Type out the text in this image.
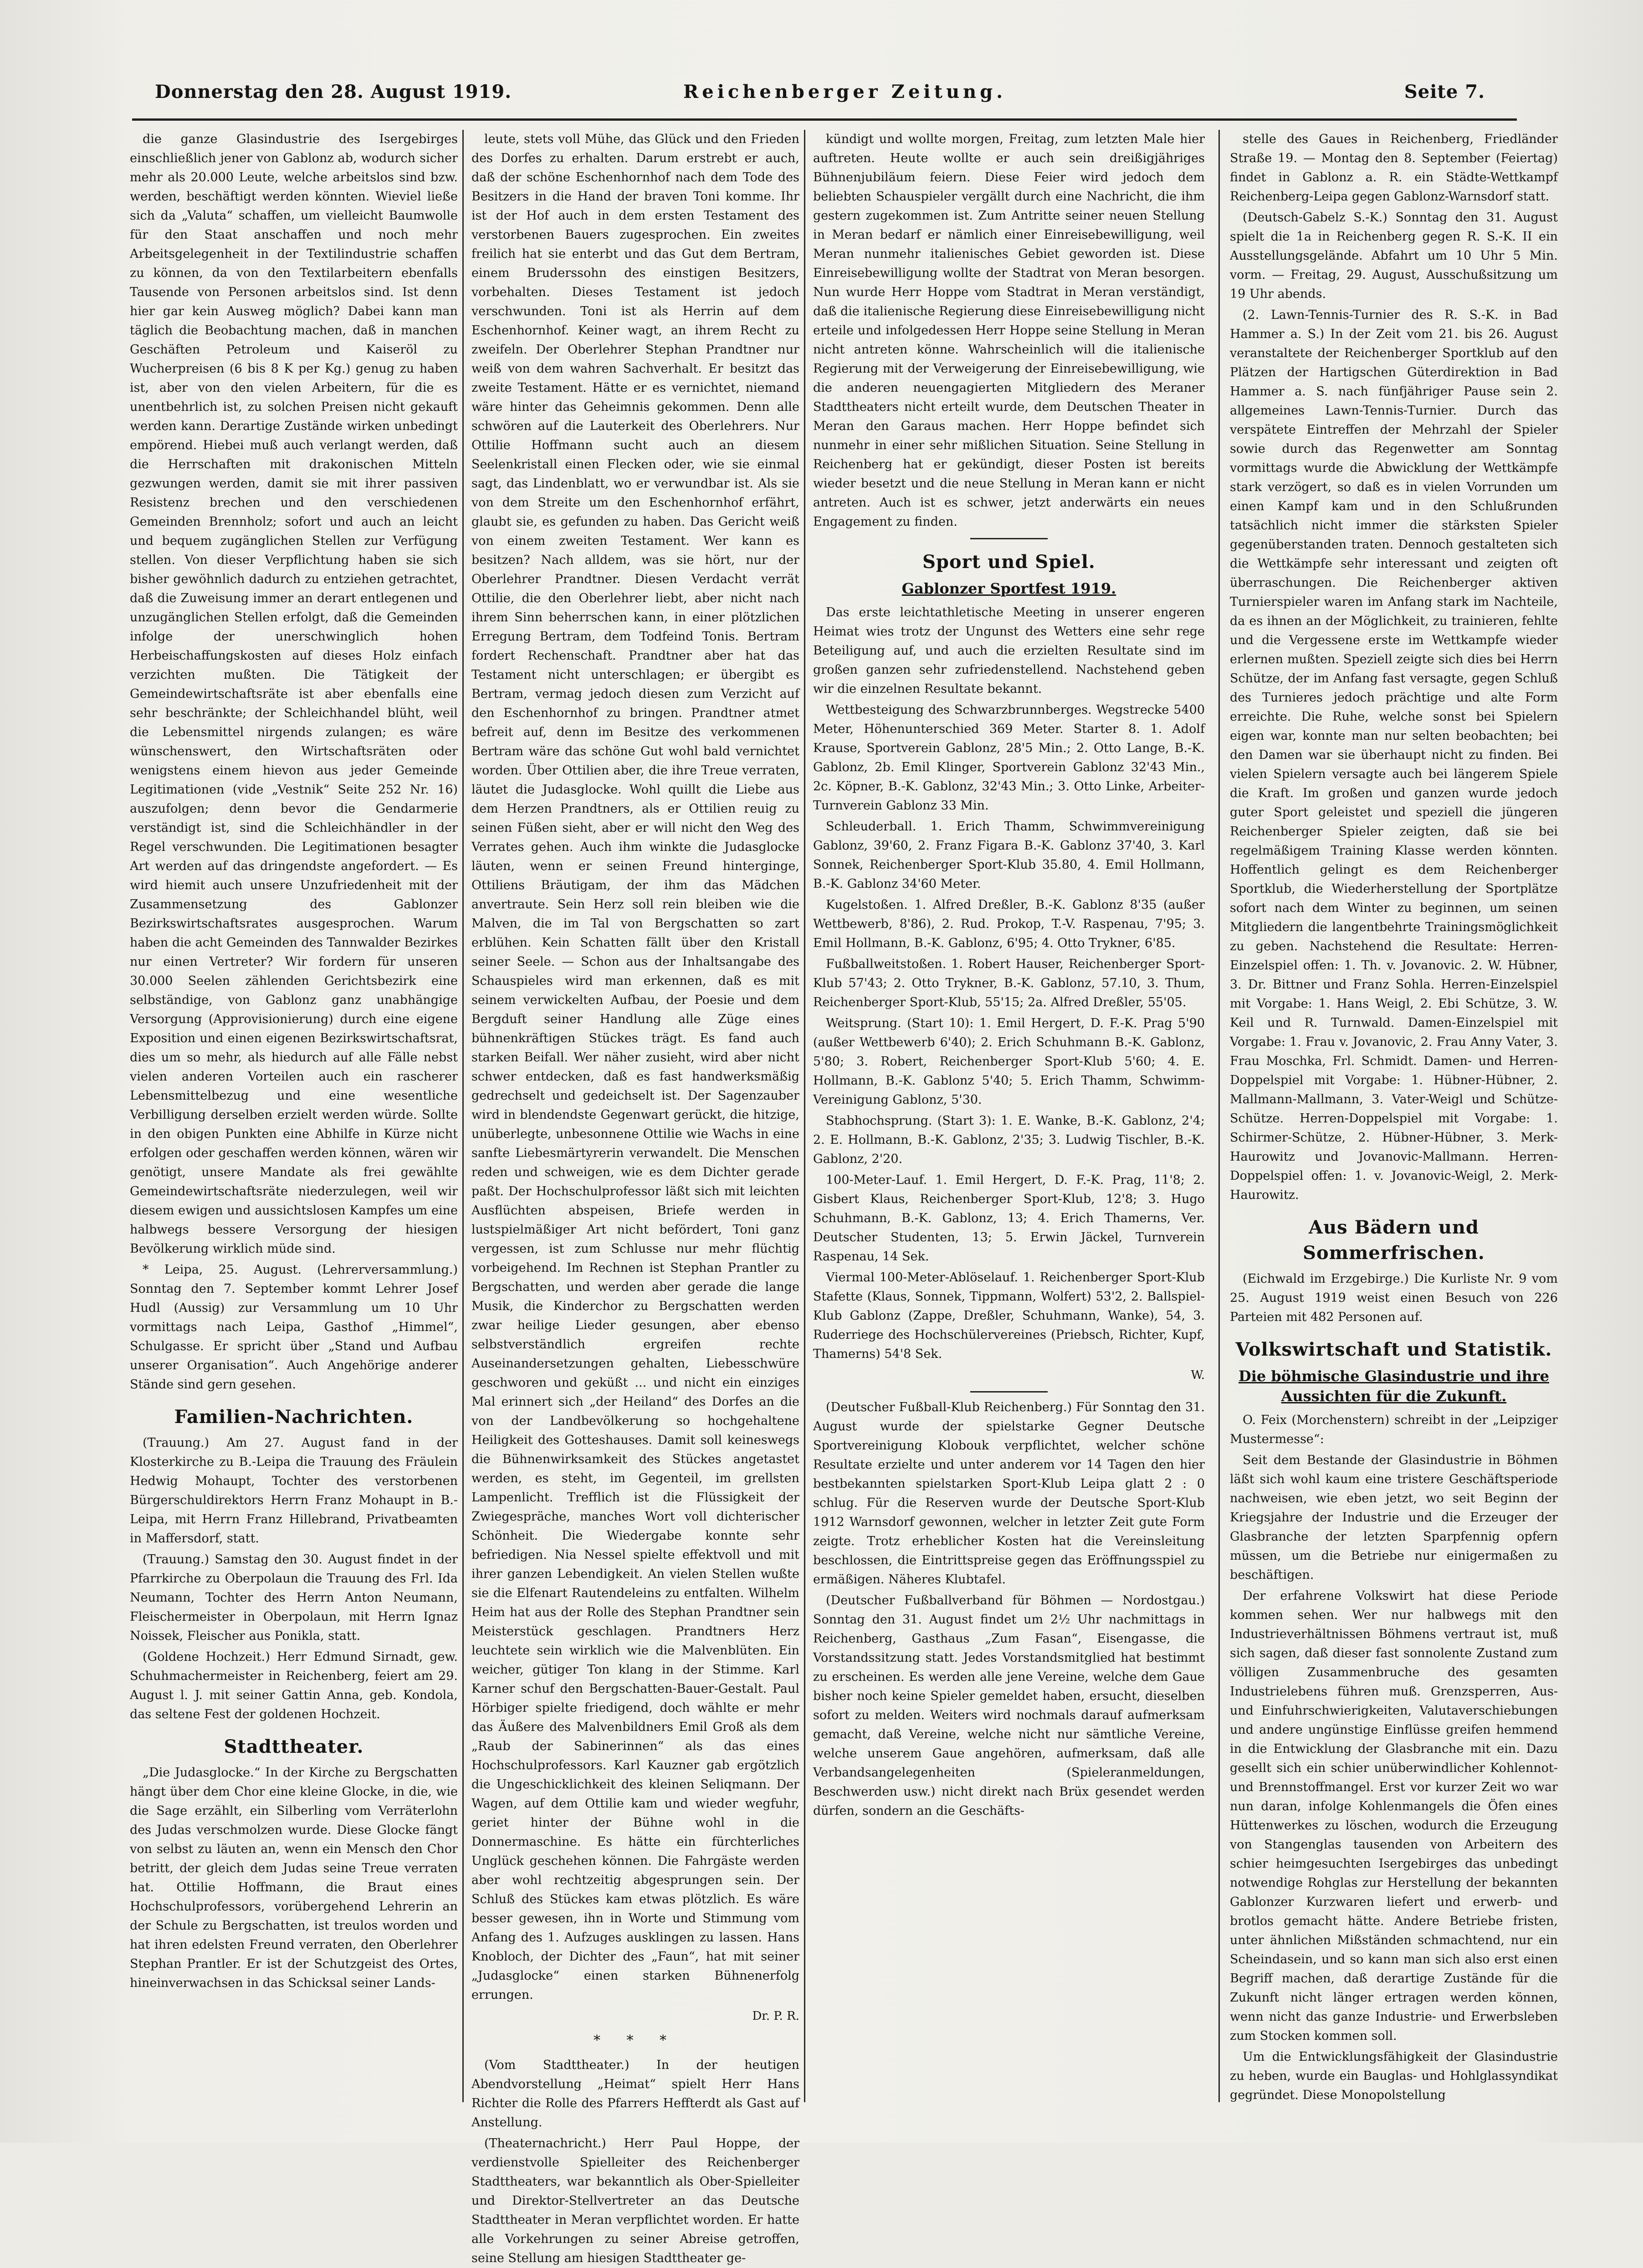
Donnerstag den 28. August 1919.	Reichenberger Zeitung.	Seite 7.

die ganze Glasindustrie des Isergebirges einschließlich jener von Gablonz ab, wodurch sicher mehr als 20.000 Leute, welche arbeitslos sind bzw. werden, beschäftigt werden könnten. Wieviel ließe sich da „Valuta“ schaffen, um vielleicht Baumwolle für den Staat anschaffen und noch mehr Arbeitsgelegenheit in der Textilindustrie schaffen zu können, da von den Textilarbeitern ebenfalls Tausende von Personen arbeitslos sind. Ist denn hier gar kein Ausweg möglich? Dabei kann man täglich die Beobachtung machen, daß in manchen Geschäften Petroleum und Kaiseröl zu Wucherpreisen (6 bis 8 K per Kg.) genug zu haben ist, aber von den vielen Arbeitern, für die es unentbehrlich ist, zu solchen Preisen nicht gekauft werden kann. Derartige Zustände wirken unbedingt empörend. Hiebei muß auch verlangt werden, daß die Herrschaften mit drakonischen Mitteln gezwungen werden, damit sie mit ihrer passiven Resistenz brechen und den verschiedenen Gemeinden Brennholz; sofort und auch an leicht und bequem zugänglichen Stellen zur Verfügung stellen. Von dieser Verpflichtung haben sie sich bisher gewöhnlich dadurch zu entziehen getrachtet, daß die Zuweisung immer an derart entlegenen und unzugänglichen Stellen erfolgt, daß die Gemeinden infolge der unerschwinglich hohen Herbeischaffungskosten auf dieses Holz einfach verzichten mußten. Die Tätigkeit der Gemeindewirtschaftsräte ist aber ebenfalls eine sehr beschränkte; der Schleichhandel blüht, weil die Lebensmittel nirgends zulangen; es wäre wünschenswert, den Wirtschaftsräten oder wenigstens einem hievon aus jeder Gemeinde Legitimationen (vide „Vestnik“ Seite 252 Nr. 16) auszufolgen; denn bevor die Gendarmerie verständigt ist, sind die Schleichhändler in der Regel verschwunden. Die Legitimationen besagter Art werden auf das dringendste angefordert. — Es wird hiemit auch unsere Unzufriedenheit mit der Zusammensetzung des Gablonzer Bezirkswirtschaftsrates ausgesprochen. Warum haben die acht Gemeinden des Tannwalder Bezirkes nur einen Vertreter? Wir fordern für unseren 30.000 Seelen zählenden Gerichtsbezirk eine selbständige, von Gablonz ganz unabhängige Versorgung (Approvisionierung) durch eine eigene Exposition und einen eigenen Bezirkswirtschaftsrat, dies um so mehr, als hiedurch auf alle Fälle nebst vielen anderen Vorteilen auch ein rascherer Lebensmittelbezug und eine wesentliche Verbilligung derselben erzielt werden würde. Sollte in den obigen Punkten eine Abhilfe in Kürze nicht erfolgen oder geschaffen werden können, wären wir genötigt, unsere Mandate als frei gewählte Gemeindewirtschaftsräte niederzulegen, weil wir diesem ewigen und aussichtslosen Kampfes um eine halbwegs bessere Versorgung der hiesigen Bevölkerung wirklich müde sind.

* Leipa, 25. August. (Lehrerversammlung.) Sonntag den 7. September kommt Lehrer Josef Hudl (Aussig) zur Versammlung um 10 Uhr vormittags nach Leipa, Gasthof „Himmel“, Schulgasse. Er spricht über „Stand und Aufbau unserer Organisation“. Auch Angehörige anderer Stände sind gern gesehen.

Familien-Nachrichten.

(Trauung.) Am 27. August fand in der Klosterkirche zu B.-Leipa die Trauung des Fräulein Hedwig Mohaupt, Tochter des verstorbenen Bürgerschuldirektors Herrn Franz Mohaupt in B.-Leipa, mit Herrn Franz Hillebrand, Privatbeamten in Maffersdorf, statt.

(Trauung.) Samstag den 30. August findet in der Pfarrkirche zu Oberpolaun die Trauung des Frl. Ida Neumann, Tochter des Herrn Anton Neumann, Fleischermeister in Oberpolaun, mit Herrn Ignaz Noissek, Fleischer aus Ponikla, statt.

(Goldene Hochzeit.) Herr Edmund Sirnadt, gew. Schuhmachermeister in Reichenberg, feiert am 29. August l. J. mit seiner Gattin Anna, geb. Kondola, das seltene Fest der goldenen Hochzeit.

Stadttheater.

„Die Judasglocke.“ In der Kirche zu Bergschatten hängt über dem Chor eine kleine Glocke, in die, wie die Sage erzählt, ein Silberling vom Verräterlohn des Judas verschmolzen wurde. Diese Glocke fängt von selbst zu läuten an, wenn ein Mensch den Chor betritt, der gleich dem Judas seine Treue verraten hat. Ottilie Hoffmann, die Braut eines Hochschulprofessors, vorübergehend Lehrerin an der Schule zu Bergschatten, ist treulos worden und hat ihren edelsten Freund verraten, den Oberlehrer Stephan Prantler. Er ist der Schutzgeist des Ortes, hineinverwachsen in das Schicksal seiner Lands-

leute, stets voll Mühe, das Glück und den Frieden des Dorfes zu erhalten. Darum erstrebt er auch, daß der schöne Eschenhornhof nach dem Tode des Besitzers in die Hand der braven Toni komme. Ihr ist der Hof auch in dem ersten Testament des verstorbenen Bauers zugesprochen. Ein zweites freilich hat sie enterbt und das Gut dem Bertram, einem Bruderssohn des einstigen Besitzers, vorbehalten. Dieses Testament ist jedoch verschwunden. Toni ist als Herrin auf dem Eschenhornhof. Keiner wagt, an ihrem Recht zu zweifeln. Der Oberlehrer Stephan Prandtner nur weiß von dem wahren Sachverhalt. Er besitzt das zweite Testament. Hätte er es vernichtet, niemand wäre hinter das Geheimnis gekommen. Denn alle schwören auf die Lauterkeit des Oberlehrers. Nur Ottilie Hoffmann sucht auch an diesem Seelenkristall einen Flecken oder, wie sie einmal sagt, das Lindenblatt, wo er verwundbar ist. Als sie von dem Streite um den Eschenhornhof erfährt, glaubt sie, es gefunden zu haben. Das Gericht weiß von einem zweiten Testament. Wer kann es besitzen? Nach alldem, was sie hört, nur der Oberlehrer Prandtner. Diesen Verdacht verrät Ottilie, die den Oberlehrer liebt, aber nicht nach ihrem Sinn beherrschen kann, in einer plötzlichen Erregung Bertram, dem Todfeind Tonis. Bertram fordert Rechenschaft. Prandtner aber hat das Testament nicht unterschlagen; er übergibt es Bertram, vermag jedoch diesen zum Verzicht auf den Eschenhornhof zu bringen. Prandtner atmet befreit auf, denn im Besitze des verkommenen Bertram wäre das schöne Gut wohl bald vernichtet worden. Über Ottilien aber, die ihre Treue verraten, läutet die Judasglocke. Wohl quillt die Liebe aus dem Herzen Prandtners, als er Ottilien reuig zu seinen Füßen sieht, aber er will nicht den Weg des Verrates gehen. Auch ihm winkte die Judasglocke läuten, wenn er seinen Freund hinterginge, Ottiliens Bräutigam, der ihm das Mädchen anvertraute. Sein Herz soll rein bleiben wie die Malven, die im Tal von Bergschatten so zart erblühen. Kein Schatten fällt über den Kristall seiner Seele. — Schon aus der Inhaltsangabe des Schauspieles wird man erkennen, daß es mit seinem verwickelten Aufbau, der Poesie und dem Bergduft seiner Handlung alle Züge eines bühnenkräftigen Stückes trägt. Es fand auch starken Beifall. Wer näher zusieht, wird aber nicht schwer entdecken, daß es fast handwerksmäßig gedrechselt und gedeichselt ist. Der Sagenzauber wird in blendendste Gegenwart gerückt, die hitzige, unüberlegte, unbesonnene Ottilie wie Wachs in eine sanfte Liebesmärtyrerin verwandelt. Die Menschen reden und schweigen, wie es dem Dichter gerade paßt. Der Hochschulprofessor läßt sich mit leichten Ausflüchten abspeisen, Briefe werden in lustspielmäßiger Art nicht befördert, Toni ganz vergessen, ist zum Schlusse nur mehr flüchtig vorbeigehend. Im Rechnen ist Stephan Prantler zu Bergschatten, und werden aber gerade die lange Musik, die Kinderchor zu Bergschatten werden zwar heilige Lieder gesungen, aber ebenso selbstverständlich ergreifen rechte Auseinandersetzungen gehalten, Liebesschwüre geschworen und geküßt ... und nicht ein einziges Mal erinnert sich „der Heiland“ des Dorfes an die von der Landbevölkerung so hochgehaltene Heiligkeit des Gotteshauses. Damit soll keineswegs die Bühnenwirksamkeit des Stückes angetastet werden, es steht, im Gegenteil, im grellsten Lampenlicht. Trefflich ist die Flüssigkeit der Zwiegespräche, manches Wort voll dichterischer Schönheit. Die Wiedergabe konnte sehr befriedigen. Nia Nessel spielte effektvoll und mit ihrer ganzen Lebendigkeit. An vielen Stellen wußte sie die Elfenart Rautendeleins zu entfalten. Wilhelm Heim hat aus der Rolle des Stephan Prandtner sein Meisterstück geschlagen. Prandtners Herz leuchtete sein wirklich wie die Malvenblüten. Ein weicher, gütiger Ton klang in der Stimme. Karl Karner schuf den Bergschatten-Bauer-Gestalt. Paul Hörbiger spielte friedigend, doch wählte er mehr das Äußere des Malvenbildners Emil Groß als dem „Raub der Sabinerinnen“ als das eines Hochschulprofessors. Karl Kauzner gab ergötzlich die Ungeschicklichkeit des kleinen Seliqmann. Der Wagen, auf dem Ottilie kam und wieder wegfuhr, geriet hinter der Bühne wohl in die Donnermaschine. Es hätte ein fürchterliches Unglück geschehen können. Die Fahrgäste werden aber wohl rechtzeitig abgesprungen sein. Der Schluß des Stückes kam etwas plötzlich. Es wäre besser gewesen, ihn in Worte und Stimmung vom Anfang des 1. Aufzuges ausklingen zu lassen. Hans Knobloch, der Dichter des „Faun“, hat mit seiner „Judasglocke“ einen starken Bühnenerfolg errungen.

Dr. P. R.
* * *

(Vom Stadttheater.) In der heutigen Abendvorstellung „Heimat“ spielt Herr Hans Richter die Rolle des Pfarrers Heffterdt als Gast auf Anstellung.

(Theaternachricht.) Herr Paul Hoppe, der verdienstvolle Spielleiter des Reichenberger Stadttheaters, war bekanntlich als Ober-Spielleiter und Direktor-Stellvertreter an das Deutsche Stadttheater in Meran verpflichtet worden. Er hatte alle Vorkehrungen zu seiner Abreise getroffen, seine Stellung am hiesigen Stadttheater ge-

kündigt und wollte morgen, Freitag, zum letzten Male hier auftreten. Heute wollte er auch sein dreißigjähriges Bühnenjubiläum feiern. Diese Feier wird jedoch dem beliebten Schauspieler vergällt durch eine Nachricht, die ihm gestern zugekommen ist. Zum Antritte seiner neuen Stellung in Meran bedarf er nämlich einer Einreisebewilligung, weil Meran nunmehr italienisches Gebiet geworden ist. Diese Einreisebewilligung wollte der Stadtrat von Meran besorgen. Nun wurde Herr Hoppe vom Stadtrat in Meran verständigt, daß die italienische Regierung diese Einreisebewilligung nicht erteile und infolgedessen Herr Hoppe seine Stellung in Meran nicht antreten könne. Wahrscheinlich will die italienische Regierung mit der Verweigerung der Einreisebewilligung, wie die anderen neuengagierten Mitgliedern des Meraner Stadttheaters nicht erteilt wurde, dem Deutschen Theater in Meran den Garaus machen. Herr Hoppe befindet sich nunmehr in einer sehr mißlichen Situation. Seine Stellung in Reichenberg hat er gekündigt, dieser Posten ist bereits wieder besetzt und die neue Stellung in Meran kann er nicht antreten. Auch ist es schwer, jetzt anderwärts ein neues Engagement zu finden.

Sport und Spiel.
Gablonzer Sportfest 1919.

Das erste leichtathletische Meeting in unserer engeren Heimat wies trotz der Ungunst des Wetters eine sehr rege Beteiligung auf, und auch die erzielten Resultate sind im großen ganzen sehr zufriedenstellend. Nachstehend geben wir die einzelnen Resultate bekannt.

Wettbesteigung des Schwarzbrunnberges. Wegstrecke 5400 Meter, Höhenunterschied 369 Meter. Starter 8. 1. Adolf Krause, Sportverein Gablonz, 28'5 Min.; 2. Otto Lange, B.-K. Gablonz, 2b. Emil Klinger, Sportverein Gablonz 32'43 Min., 2c. Köpner, B.-K. Gablonz, 32'43 Min.; 3. Otto Linke, Arbeiter-Turnverein Gablonz 33 Min.

Schleuderball. 1. Erich Thamm, Schwimmvereinigung Gablonz, 39'60, 2. Franz Figara B.-K. Gablonz 37'40, 3. Karl Sonnek, Reichenberger Sport-Klub 35.80, 4. Emil Hollmann, B.-K. Gablonz 34'60 Meter.

Kugelstoßen. 1. Alfred Dreßler, B.-K. Gablonz 8'35 (außer Wettbewerb, 8'86), 2. Rud. Prokop, T.-V. Raspenau, 7'95; 3. Emil Hollmann, B.-K. Gablonz, 6'95; 4. Otto Trykner, 6'85.

Fußballweitstoßen. 1. Robert Hauser, Reichenberger Sport-Klub 57'43; 2. Otto Trykner, B.-K. Gablonz, 57.10, 3. Thum, Reichenberger Sport-Klub, 55'15; 2a. Alfred Dreßler, 55'05.

Weitsprung. (Start 10): 1. Emil Hergert, D. F.-K. Prag 5'90 (außer Wettbewerb 6'40); 2. Erich Schuhmann B.-K. Gablonz, 5'80; 3. Robert, Reichenberger Sport-Klub 5'60; 4. E. Hollmann, B.-K. Gablonz 5'40; 5. Erich Thamm, Schwimm-Vereinigung Gablonz, 5'30.

Stabhochsprung. (Start 3): 1. E. Wanke, B.-K. Gablonz, 2'4; 2. E. Hollmann, B.-K. Gablonz, 2'35; 3. Ludwig Tischler, B.-K. Gablonz, 2'20.

100-Meter-Lauf. 1. Emil Hergert, D. F.-K. Prag, 11'8; 2. Gisbert Klaus, Reichenberger Sport-Klub, 12'8; 3. Hugo Schuhmann, B.-K. Gablonz, 13; 4. Erich Thamerns, Ver. Deutscher Studenten, 13; 5. Erwin Jäckel, Turnverein Raspenau, 14 Sek.

Viermal 100-Meter-Ablöselauf. 1. Reichenberger Sport-Klub Stafette (Klaus, Sonnek, Tippmann, Wolfert) 53'2, 2. Ballspiel-Klub Gablonz (Zappe, Dreßler, Schuhmann, Wanke), 54, 3. Ruderriege des Hochschülervereines (Priebsch, Richter, Kupf, Thamerns) 54'8 Sek.

W.

(Deutscher Fußball-Klub Reichenberg.) Für Sonntag den 31. August wurde der spielstarke Gegner Deutsche Sportvereinigung Klobouk verpflichtet, welcher schöne Resultate erzielte und unter anderem vor 14 Tagen den hier bestbekannten spielstarken Sport-Klub Leipa glatt 2 : 0 schlug. Für die Reserven wurde der Deutsche Sport-Klub 1912 Warnsdorf gewonnen, welcher in letzter Zeit gute Form zeigte. Trotz erheblicher Kosten hat die Vereinsleitung beschlossen, die Eintrittspreise gegen das Eröffnungsspiel zu ermäßigen. Näheres Klubtafel.

(Deutscher Fußballverband für Böhmen — Nordostgau.) Sonntag den 31. August findet um 2½ Uhr nachmittags in Reichenberg, Gasthaus „Zum Fasan“, Eisengasse, die Vorstandssitzung statt. Jedes Vorstandsmitglied hat bestimmt zu erscheinen. Es werden alle jene Vereine, welche dem Gaue bisher noch keine Spieler gemeldet haben, ersucht, dieselben sofort zu melden. Weiters wird nochmals darauf aufmerksam gemacht, daß Vereine, welche nicht nur sämtliche Vereine, welche unserem Gaue angehören, aufmerksam, daß alle Verbandsangelegenheiten (Spieleranmeldungen, Beschwerden usw.) nicht direkt nach Brüx gesendet werden dürfen, sondern an die Geschäfts-

stelle des Gaues in Reichenberg, Friedländer Straße 19. — Montag den 8. September (Feiertag) findet in Gablonz a. R. ein Städte-Wettkampf Reichenberg-Leipa gegen Gablonz-Warnsdorf statt.

(Deutsch-Gabelz S.-K.) Sonntag den 31. August spielt die 1a in Reichenberg gegen R. S.-K. II ein Ausstellungsgelände. Abfahrt um 10 Uhr 5 Min. vorm. — Freitag, 29. August, Ausschußsitzung um 19 Uhr abends.

(2. Lawn-Tennis-Turnier des R. S.-K. in Bad Hammer a. S.) In der Zeit vom 21. bis 26. August veranstaltete der Reichenberger Sportklub auf den Plätzen der Hartigschen Güterdirektion in Bad Hammer a. S. nach fünfjähriger Pause sein 2. allgemeines Lawn-Tennis-Turnier. Durch das verspätete Eintreffen der Mehrzahl der Spieler sowie durch das Regenwetter am Sonntag vormittags wurde die Abwicklung der Wettkämpfe stark verzögert, so daß es in vielen Vorrunden um einen Kampf kam und in den Schlußrunden tatsächlich nicht immer die stärksten Spieler gegenüberstanden traten. Dennoch gestalteten sich die Wettkämpfe sehr interessant und zeigten oft überraschungen. Die Reichenberger aktiven Turnierspieler waren im Anfang stark im Nachteile, da es ihnen an der Möglichkeit, zu trainieren, fehlte und die Vergessene erste im Wettkampfe wieder erlernen mußten. Speziell zeigte sich dies bei Herrn Schütze, der im Anfang fast versagte, gegen Schluß des Turnieres jedoch prächtige und alte Form erreichte. Die Ruhe, welche sonst bei Spielern eigen war, konnte man nur selten beobachten; bei den Damen war sie überhaupt nicht zu finden. Bei vielen Spielern versagte auch bei längerem Spiele die Kraft. Im großen und ganzen wurde jedoch guter Sport geleistet und speziell die jüngeren Reichenberger Spieler zeigten, daß sie bei regelmäßigem Training Klasse werden könnten. Hoffentlich gelingt es dem Reichenberger Sportklub, die Wiederherstellung der Sportplätze sofort nach dem Winter zu beginnen, um seinen Mitgliedern die langentbehrte Trainingsmöglichkeit zu geben. Nachstehend die Resultate: Herren-Einzelspiel offen: 1. Th. v. Jovanovic. 2. W. Hübner, 3. Dr. Bittner und Franz Sohla. Herren-Einzelspiel mit Vorgabe: 1. Hans Weigl, 2. Ebi Schütze, 3. W. Keil und R. Turnwald. Damen-Einzelspiel mit Vorgabe: 1. Frau v. Jovanovic, 2. Frau Anny Vater, 3. Frau Moschka, Frl. Schmidt. Damen- und Herren-Doppelspiel mit Vorgabe: 1. Hübner-Hübner, 2. Mallmann-Mallmann, 3. Vater-Weigl und Schütze-Schütze. Herren-Doppelspiel mit Vorgabe: 1. Schirmer-Schütze, 2. Hübner-Hübner, 3. Merk-Haurowitz und Jovanovic-Mallmann. Herren-Doppelspiel offen: 1. v. Jovanovic-Weigl, 2. Merk-Haurowitz.

Aus Bädern und Sommerfrischen.

(Eichwald im Erzgebirge.) Die Kurliste Nr. 9 vom 25. August 1919 weist einen Besuch von 226 Parteien mit 482 Personen auf.

Volkswirtschaft und Statistik.
Die böhmische Glasindustrie und ihre Aussichten für die Zukunft.

O. Feix (Morchenstern) schreibt in der „Leipziger Mustermesse“:

Seit dem Bestande der Glasindustrie in Böhmen läßt sich wohl kaum eine tristere Geschäftsperiode nachweisen, wie eben jetzt, wo seit Beginn der Kriegsjahre der Industrie und die Erzeuger der Glasbranche der letzten Sparpfennig opfern müssen, um die Betriebe nur einigermaßen zu beschäftigen.

Der erfahrene Volkswirt hat diese Periode kommen sehen. Wer nur halbwegs mit den Industrieverhältnissen Böhmens vertraut ist, muß sich sagen, daß dieser fast sonnolente Zustand zum völligen Zusammenbruche des gesamten Industrielebens führen muß. Grenzsperren, Aus- und Einfuhrschwierigkeiten, Valutaverschiebungen und andere ungünstige Einflüsse greifen hemmend in die Entwicklung der Glasbranche mit ein. Dazu gesellt sich ein schier unüberwindlicher Kohlennot- und Brennstoffmangel. Erst vor kurzer Zeit wo war nun daran, infolge Kohlenmangels die Öfen eines Hüttenwerkes zu löschen, wodurch die Erzeugung von Stangenglas tausenden von Arbeitern des schier heimgesuchten Isergebirges das unbedingt notwendige Rohglas zur Herstellung der bekannten Gablonzer Kurzwaren liefert und erwerb- und brotlos gemacht hätte. Andere Betriebe fristen, unter ähnlichen Mißständen schmachtend, nur ein Scheindasein, und so kann man sich also erst einen Begriff machen, daß derartige Zustände für die Zukunft nicht länger ertragen werden können, wenn nicht das ganze Industrie- und Erwerbsleben zum Stocken kommen soll.

Um die Entwicklungsfähigkeit der Glasindustrie zu heben, wurde ein Bauglas- und Hohlglassyndikat gegründet. Diese Monopolstellung
